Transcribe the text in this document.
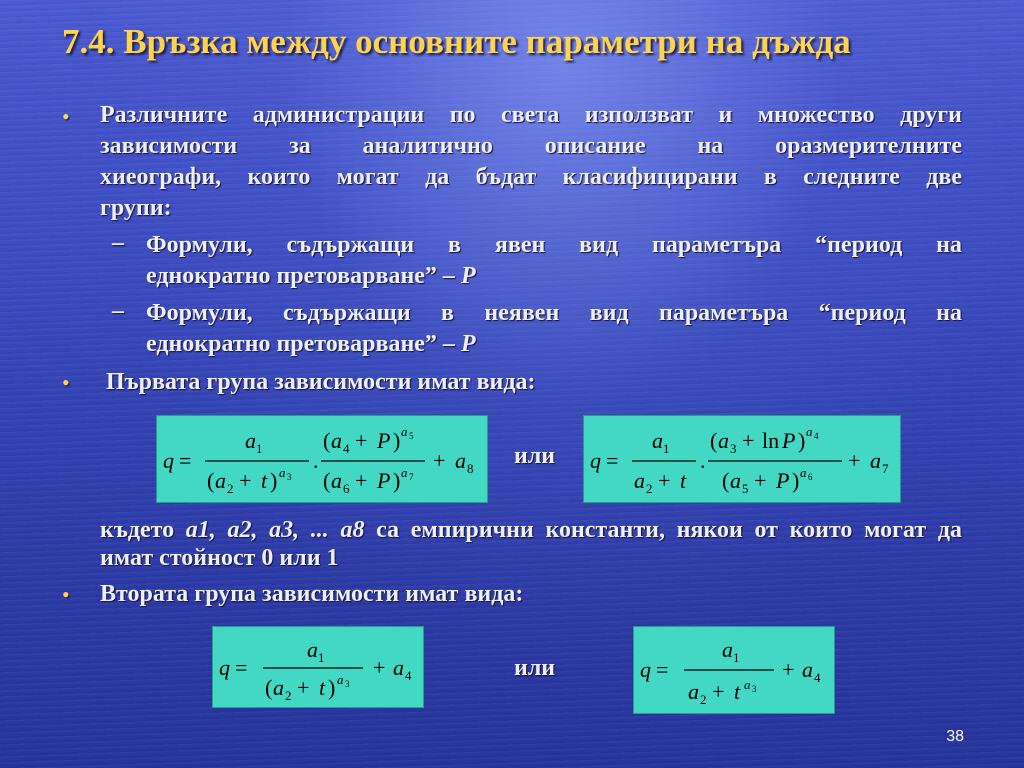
7.4. Връзка между основните параметри на дъжда
• Различните администрации по света използват и множество други
зависимости за аналитично описание на оразмерителните
хиеографи, които могат да бъдат класифицирани в следните две
групи:
– Формули, съдържащи в явен вид параметъра “период на
еднократно претоварване” – Р
– Формули, съдържащи в неявен вид параметъра “период на
еднократно претоварване” – Р
• Първата група зависимости имат вида:
q =
a 1
( a 2 + t ) a 3
.
( a 4 + P ) a 5
( a 6 + P ) a 7
+ a 8 или q =
a 1
a 2 + t
.
( a 3 + ln P ) a 4
( a 5 + P ) a 6
+ a 7
където a1, a2, a3, ... a8 са емпирични константи, някои от които могат да
имат стойност 0 или 1
• Втората група зависимости имат вида:
q =
a 1
( a 2 + t ) a 3
+ a 4	или	q =
a 1
a 2 + t a 3
+ a 4
38
